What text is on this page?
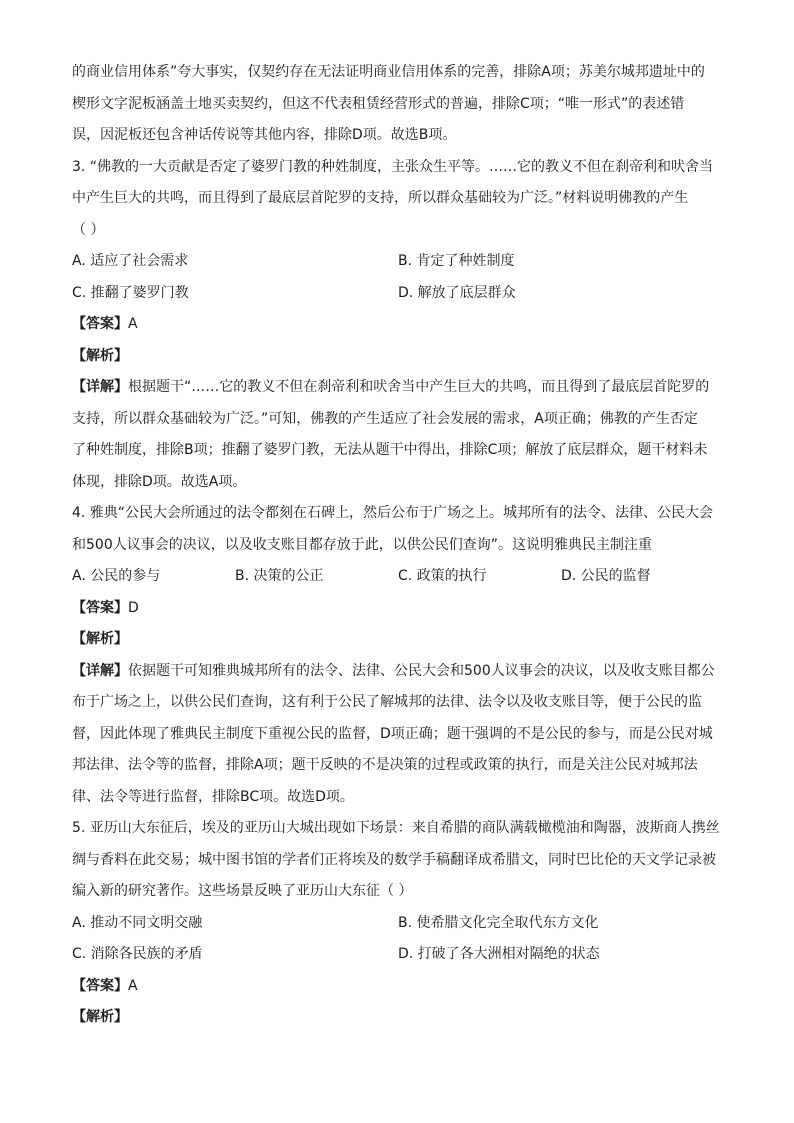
的商业信用体系”夸大事实，仅契约存在无法证明商业信用体系的完善，排除A项；苏美尔城邦遗址中的
楔形文字泥板涵盖土地买卖契约，但这不代表租赁经营形式的普遍，排除C项；“唯一形式”的表述错
误，因泥板还包含神话传说等其他内容，排除D项。故选B项。
3. “佛教的一大贡献是否定了婆罗门教的种姓制度，主张众生平等。……它的教义不但在刹帝利和吠舍当
中产生巨大的共鸣，而且得到了最底层首陀罗的支持，所以群众基础较为广泛。”材料说明佛教的产生
（ ）
A. 适应了社会需求	B. 肯定了种姓制度
C. 推翻了婆罗门教	D. 解放了底层群众
【答案】A
【解析】
【详解】根据题干“……它的教义不但在刹帝利和吠舍当中产生巨大的共鸣，而且得到了最底层首陀罗的
支持，所以群众基础较为广泛。”可知，佛教的产生适应了社会发展的需求，A项正确；佛教的产生否定
了种姓制度，排除B项；推翻了婆罗门教，无法从题干中得出，排除C项；解放了底层群众，题干材料未
体现，排除D项。故选A项。
4. 雅典“公民大会所通过的法令都刻在石碑上，然后公布于广场之上。城邦所有的法令、法律、公民大会
和500人议事会的决议，以及收支账目都存放于此，以供公民们查询”。这说明雅典民主制注重
A. 公民的参与	B. 决策的公正	C. 政策的执行	D. 公民的监督
【答案】D
【解析】
【详解】依据题干可知雅典城邦所有的法令、法律、公民大会和500人议事会的决议，以及收支账目都公
布于广场之上，以供公民们查询，这有利于公民了解城邦的法律、法令以及收支账目等，便于公民的监
督，因此体现了雅典民主制度下重视公民的监督，D项正确；题干强调的不是公民的参与，而是公民对城
邦法律、法令等的监督，排除A项；题干反映的不是决策的过程或政策的执行，而是关注公民对城邦法
律、法令等进行监督，排除BC项。故选D项。
5. 亚历山大东征后，埃及的亚历山大城出现如下场景：来自希腊的商队满载橄榄油和陶器，波斯商人携丝
绸与香料在此交易；城中图书馆的学者们正将埃及的数学手稿翻译成希腊文，同时巴比伦的天文学记录被
编入新的研究著作。这些场景反映了亚历山大东征（ ）
A. 推动不同文明交融	B. 使希腊文化完全取代东方文化
C. 消除各民族的矛盾	D. 打破了各大洲相对隔绝的状态
【答案】A
【解析】
